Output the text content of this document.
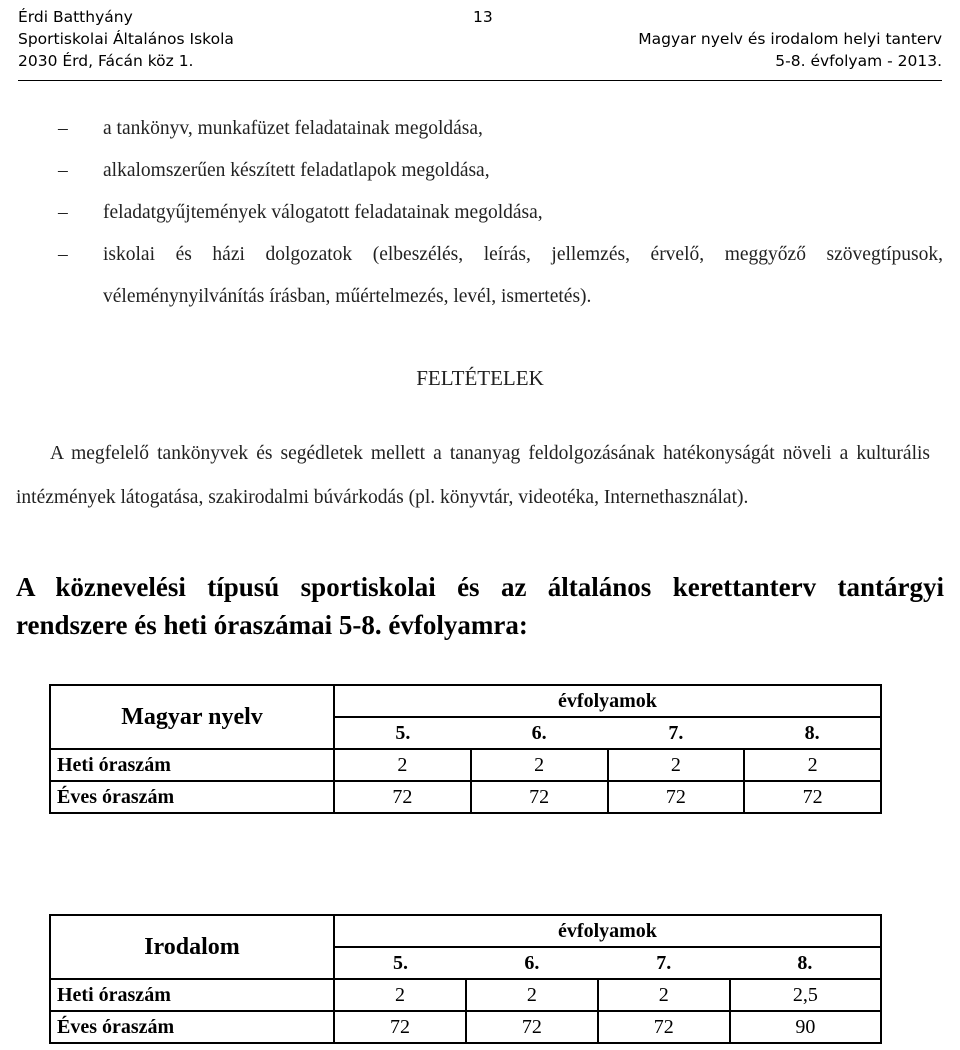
Érdi Batthyány
Sportiskolai Általános Iskola
2030 Érd, Fácán köz 1.
13
Magyar nyelv és irodalom helyi tanterv
5-8. évfolyam - 2013.
– a tankönyv, munkafüzet feladatainak megoldása,
– alkalomszerűen készített feladatlapok megoldása,
– feladatgyűjtemények válogatott feladatainak megoldása,
– iskolai és házi dolgozatok (elbeszélés, leírás, jellemzés, érvelő, meggyőző szövegtípusok, véleménynyilvánítás írásban, műértelmezés, levél, ismertetés).
FELTÉTELEK
A megfelelő tankönyvek és segédletek mellett a tananyag feldolgozásának hatékonyságát növeli a kulturális intézmények látogatása, szakirodalmi búvárkodás (pl. könyvtár, videotéka, Internethasználat).
A köznevelési típusú sportiskolai és az általános kerettanterv tantárgyi rendszere és heti óraszámai 5-8. évfolyamra:
Magyar nyelv	évfolyamok			
	5.	6.	7.	8.
Heti óraszám	2	2	2	2
Éves óraszám	72	72	72	72
Irodalom	évfolyamok			
	5.	6.	7.	8.
Heti óraszám	2	2	2	2,5
Éves óraszám	72	72	72	90
